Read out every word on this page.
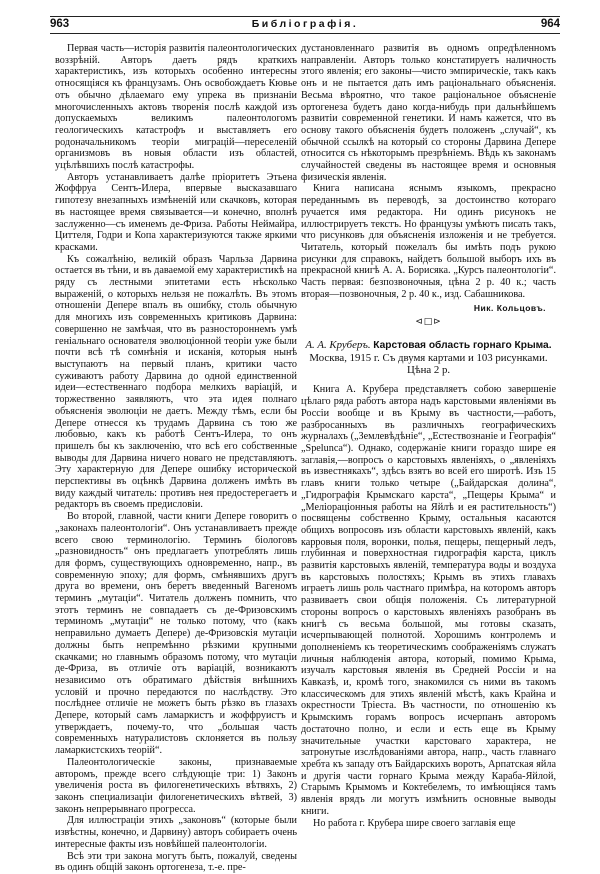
963	Библіографія.	964

Первая часть—исторія развитія палеонтологических воззрѣній. Авторъ даетъ рядъ краткихъ характеристикъ, изъ которыхъ особенно интересны относящіяся къ французамъ. Онъ освобождаетъ Кювье отъ обычно дѣлаемаго ему упрека въ признаніи многочисленныхъ актовъ творенія послѣ каждой изъ допускаемыхъ великимъ палеонтологомъ геологическихъ катастрофъ и выставляетъ его родоначальникомъ теоріи миграцій—переселеній организмовъ въ новыя области изъ областей, уцѣлѣвшихъ послѣ катастрофы.

Авторъ устанавливаетъ далѣе пріоритетъ Этьена Жоффруа Сентъ-Илера, впервые высказавшаго гипотезу внезапныхъ измѣненій или скачковъ, которая въ настоящее время связывается—и конечно, вполнѣ заслуженно—съ именемъ де-Фриза. Работы Неймайра, Циттеля, Годри и Копа характеризуются также яркими красками.

Къ сожалѣнію, великій образъ Чарльза Дарвина остается въ тѣни, и въ даваемой ему характеристикѣ на ряду съ лестными эпитетами есть нѣсколько выраженій, о которыхъ нельзя не пожалѣть. Въ этомъ отношеніи Депере впалъ въ ошибку, столь обычную для многихъ изъ современныхъ критиковъ Дарвина: совершенно не замѣчая, что въ разностороннемъ умѣ геніальнаго основателя эволюціонной теоріи уже были почти всѣ тѣ сомнѣнія и исканія, которыя нынѣ выступаютъ на первый планъ, критики часто суживаютъ работу Дарвина до одной единственной идеи—естественнаго подбора мелкихъ варіацій, и торжественно заявляютъ, что эта идея полнаго объясненія эволюціи не даетъ. Между тѣмъ, если бы Депере отнесся къ трудамъ Дарвина съ тою же любовью, какъ къ работѣ Сентъ-Илера, то онъ пришелъ бы къ заключенію, что всѣ его собственные выводы для Дарвина ничего новаго не представляютъ. Эту характерную для Депере ошибку исторической перспективы въ оцѣнкѣ Дарвина долженъ имѣть въ виду каждый читатель: противъ нея предостерегаетъ и редакторъ въ своемъ предисловіи.

Во второй, главной, части книги Депере говоритъ о „законахъ палеонтологіи“. Онъ устанавливаетъ прежде всего свою терминологію. Терминъ біологовъ „разновидность“ онъ предлагаетъ употреблять лишь для формъ, существующихъ одновременно, напр., въ современную эпоху; для формъ, смѣнявшихъ другъ друга во времени, онъ беретъ введенный Вагеномъ терминъ „мутаціи“. Читатель долженъ помнить, что этотъ терминъ не совпадаетъ съ де-Фризовскимъ терминомъ „мутаціи“ не только потому, что (какъ неправильно думаетъ Депере) де-Фризовскія мутаціи должны быть непремѣнно рѣзкими крупными скачками; но главнымъ образомъ потому, что мутаціи де-Фриза, въ отличіе отъ варіацій, возникаютъ независимо отъ обратимаго дѣйствія внѣшнихъ условій и прочно передаются по наслѣдству. Это послѣднее отличіе не можетъ быть рѣзко въ глазахъ Депере, который самъ ламаркистъ и жоффруистъ и утверждаетъ, почему-то, что „большая часть современныхъ натуралистовъ склоняется въ пользу ламаркистскихъ теорій“.

Палеонтологическіе законы, признаваемые авторомъ, прежде всего слѣдующіе три: 1) Законъ увеличенія роста въ филогенетическихъ вѣтвяхъ, 2) законъ специализаціи филогенетическихъ вѣтвей, 3) законъ непрерывнаго прогресса.

Для иллюстраціи этихъ „законовъ“ (которые были извѣстны, конечно, и Дарвину) авторъ собираетъ очень интересные факты изъ новѣйшей палеонтологіи.

Всѣ эти три закона могутъ быть, пожалуй, сведены въ одинъ общій законъ ортогенеза, т.-е. пре-

дустановленнаго развитія въ одномъ опредѣленномъ направленіи. Авторъ только констатируетъ наличность этого явленія; его законы—чисто эмпирическіе, такъ какъ онъ и не пытается дать имъ раціональнаго объясненія. Весьма вѣроятно, что такое раціональное объясненіе ортогенеза будетъ дано когда-нибудь при дальнѣйшемъ развитіи современной генетики. И намъ кажется, что въ основу такого объясненія будетъ положенъ „случай“, къ обычной ссылкѣ на который со стороны Дарвина Депере относится съ нѣкоторымъ презрѣніемъ. Вѣдь къ законамъ случайностей сведены въ настоящее время и основныя физическія явленія.

Книга написана яснымъ языкомъ, прекрасно переданнымъ въ переводѣ, за достоинство котораго ручается имя редактора. Ни одинъ рисунокъ не иллюстрируетъ текстъ. Но французы умѣютъ писать такъ, что рисунковъ для объясненія изложенія и не требуется. Читатель, который пожелалъ бы имѣть подъ рукою рисунки для справокъ, найдетъ большой выборъ ихъ въ прекрасной книгѣ А. А. Борисяка. „Курсъ палеонтологіи“. Часть первая: безпозвоночныя, цѣна 2 р. 40 к.; часть вторая—позвоночныя, 2 р. 40 к., изд. Сабашникова.

Ник. Кольцовъ.
⊲□⊳

А. А. Круберъ. Карстовая область горнаго Крыма. Москва, 1915 г. Съ двумя картами и 103 рисунками. Цѣна 2 р.

Книга А. Крубера представляетъ собою завершеніе цѣлаго ряда работъ автора надъ карстовыми явленіями въ Россіи вообще и въ Крыму въ частности,—работъ, разбросанныхъ въ различныхъ географическихъ журналахъ („Землевѣдѣніе“, „Естествознаніе и Географія“ „Spelunca“). Однако, содержаніе книги гораздо шире ея заглавія,—вопросъ о карстовыхъ явленіяхъ, о „явленіяхъ въ известнякахъ“, здѣсь взятъ во всей его широтѣ. Изъ 15 главъ книги только четыре („Байдарская долина“, „Гидрографія Крымскаго карста“, „Пещеры Крыма“ и „Мелioраціонныя работы на Яйлѣ и ея растительность“) посвящены собственно Крыму, остальныя касаются общихъ вопросовъ изъ области карстовыхъ явленій, какъ карровыя поля, воронки, полья, пещеры, пещерный ледъ, глубинная и поверхностная гидрографія карста, циклъ развитія карстовыхъ явленій, температура воды и воздуха въ карстовыхъ полостяхъ; Крымъ въ этихъ главахъ играетъ лишь роль частнаго примѣра, на которомъ авторъ развиваетъ свои общія положенія. Съ литературной стороны вопросъ о карстовыхъ явленіяхъ разобранъ въ книгѣ съ весьма большой, мы готовы сказать, исчерпывающей полнотой. Хорошимъ контролемъ и дополненіемъ къ теоретическимъ соображеніямъ служатъ личныя наблюденія автора, который, помимо Крыма, изучалъ карстовыя явленія въ Средней Россіи и на Кавказѣ, и, кромѣ того, знакомился съ ними въ такомъ классическомъ для этихъ явленій мѣстѣ, какъ Крайна и окрестности Тріеста. Въ частности, по отношенію къ Крымскимъ горамъ вопросъ исчерпанъ авторомъ достаточно полно, и если и есть еще въ Крыму значительные участки карстоваго характера, не затронутые изслѣдованіями автора, напр., часть главнаго хребта къ западу отъ Байдарскихъ воротъ, Арпатская яйла и другія части горнаго Крыма между Караба-Яйлой, Старымъ Крымомъ и Коктебелемъ, то имѣющіяся тамъ явленія врядъ ли могутъ измѣнить основные выводы книги.

Но работа г. Крубера шире своего заглавія еще
